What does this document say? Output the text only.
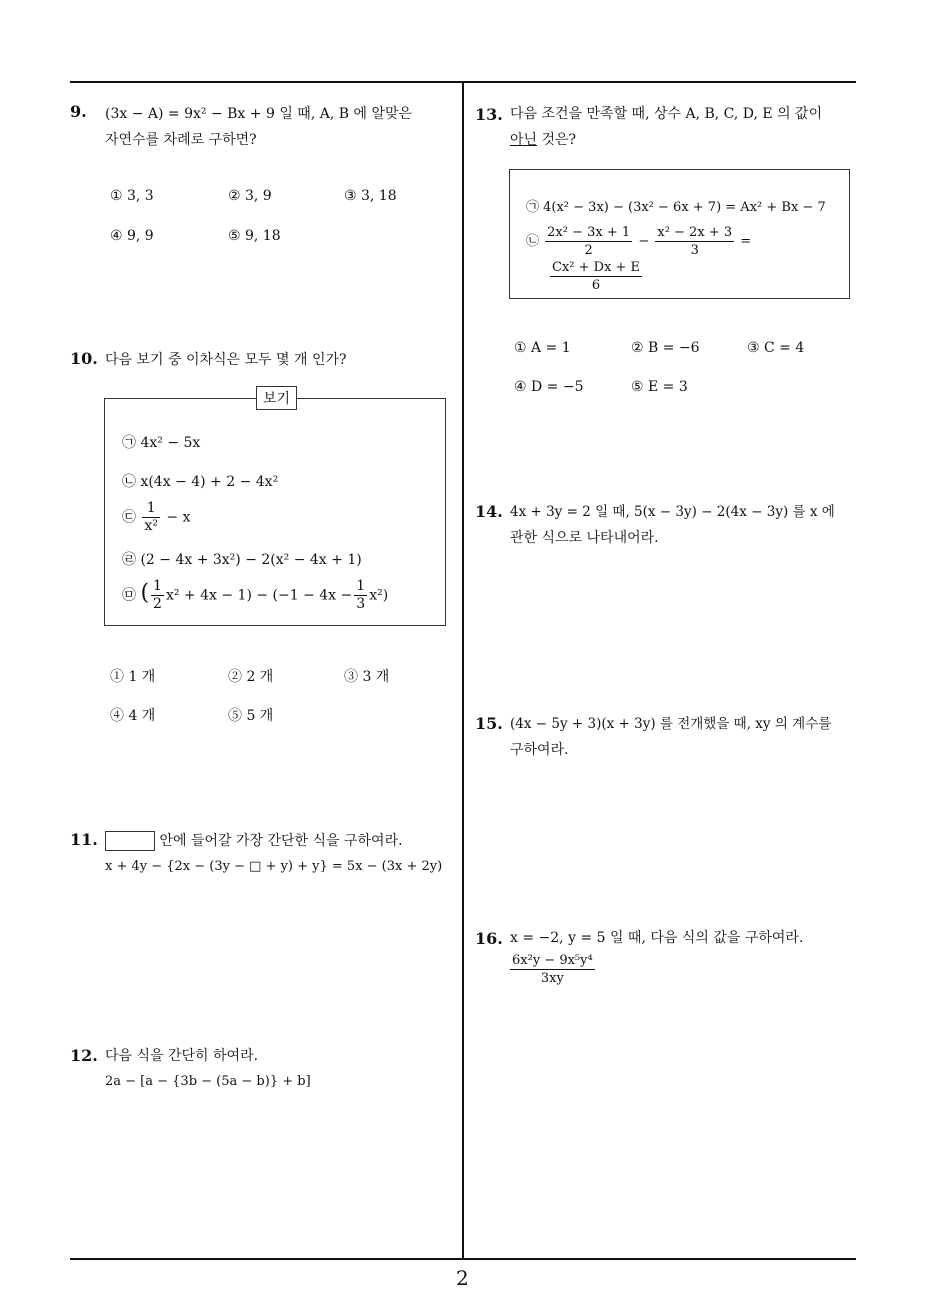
9. (3x − A) = 9x² − Bx + 9 일 때, A, B 에 알맞은
자연수를 차례로 구하면?
① 3, 3	② 3, 9	③ 3, 18
④ 9, 9	⑤ 9, 18
10. 다음 보기 중 이차식은 모두 몇 개 인가?
보기
㉠ 4x² − 5x
㉡ x(4x − 4) + 2 − 4x²
㉢ $\frac{1}{\text{x²}} - x$
㉣ (2 − 4x + 3x²) − 2(x² − 4x + 1)
㉤ ( $\frac{1}{2} x^2 + 4x - 1) - (-1 - 4x - \frac{1}{3} x^2)$
① 1 개	② 2 개	③ 3 개
④ 4 개	⑤ 5 개
11.	안에 들어갈 가장 간단한 식을 구하여라.
x + 4y − {2x − (3y − □ + y) + y} = 5x − (3x + 2y)
12. 다음 식을 간단히 하여라.
2a − [a − {3b − (5a − b)} + b]
13. 다음 조건을 만족할 때, 상수 A, B, C, D, E 의 값이
아닌 것은?
㉠ 4(x² − 3x) − (3x² − 6x + 7) = Ax² + Bx − 7
㉡ $\frac{\text{2x² − 3x + 1}}{2} - \frac{\text{x² − 2x + 3}}{3}$ =
$\frac{\text{Cx² + Dx + E}}{6}$
① A = 1	② B = −6	③ C = 4
④ D = −5	⑤ E = 3
14. 4x + 3y = 2 일 때, 5(x − 3y) − 2(4x − 3y) 를 x 에
관한 식으로 나타내어라.
15. (4x − 5y + 3)(x + 3y) 를 전개했을 때, xy 의 계수를
구하여라.
16. x = −2, y = 5 일 때, 다음 식의 값을 구하여라.
$\frac{\text{6x²y − 9x⁵y⁴}}{3xy}$
2
